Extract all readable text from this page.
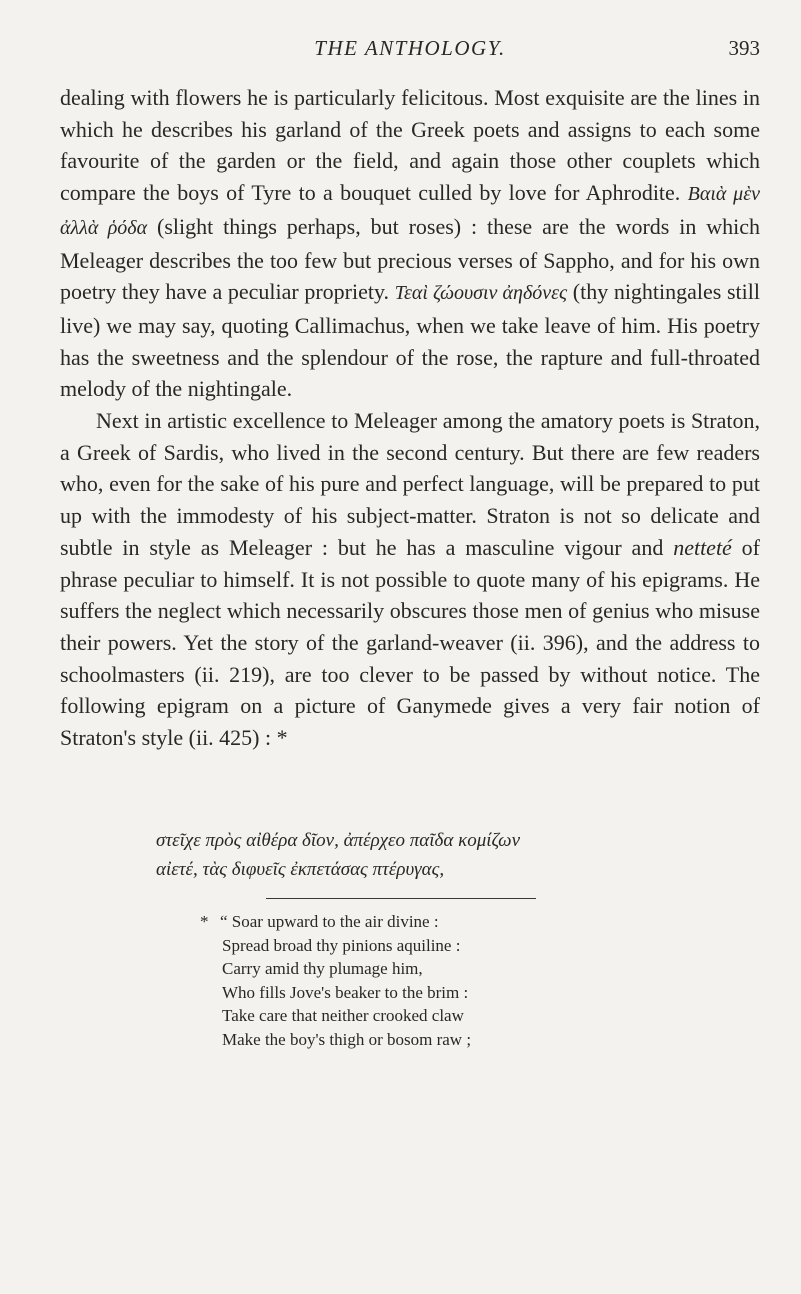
THE ANTHOLOGY.	393

dealing with flowers he is particularly felicitous. Most exquisite are the lines in which he describes his garland of the Greek poets and assigns to each some favourite of the garden or the field, and again those other couplets which compare the boys of Tyre to a bouquet culled by love for Aphrodite. Βαιὰ μὲν ἀλλὰ ῥόδα (slight things perhaps, but roses) : these are the words in which Meleager describes the too few but precious verses of Sappho, and for his own poetry they have a peculiar propriety. Τεαὶ ζώουσιν ἀηδόνες (thy nightingales still live) we may say, quoting Callimachus, when we take leave of him. His poetry has the sweetness and the splendour of the rose, the rapture and full-throated melody of the nightingale.

Next in artistic excellence to Meleager among the amatory poets is Straton, a Greek of Sardis, who lived in the second century. But there are few readers who, even for the sake of his pure and perfect language, will be prepared to put up with the immodesty of his subject-matter. Straton is not so delicate and subtle in style as Meleager : but he has a masculine vigour and netteté of phrase peculiar to himself. It is not possible to quote many of his epigrams. He suffers the neglect which necessarily obscures those men of genius who misuse their powers. Yet the story of the garland-weaver (ii. 396), and the address to schoolmasters (ii. 219), are too clever to be passed by without notice. The following epigram on a picture of Ganymede gives a very fair notion of Straton's style (ii. 425) : *

στεῖχε πρὸς αἰθέρα δῖον, ἀπέρχεο παῖδα κομίζων
αἰετέ, τὰς διφυεῖς ἐκπετάσας πτέρυγας,
* “ Soar upward to the air divine :
Spread broad thy pinions aquiline :
Carry amid thy plumage him,
Who fills Jove's beaker to the brim :
Take care that neither crooked claw
Make the boy's thigh or bosom raw ;
